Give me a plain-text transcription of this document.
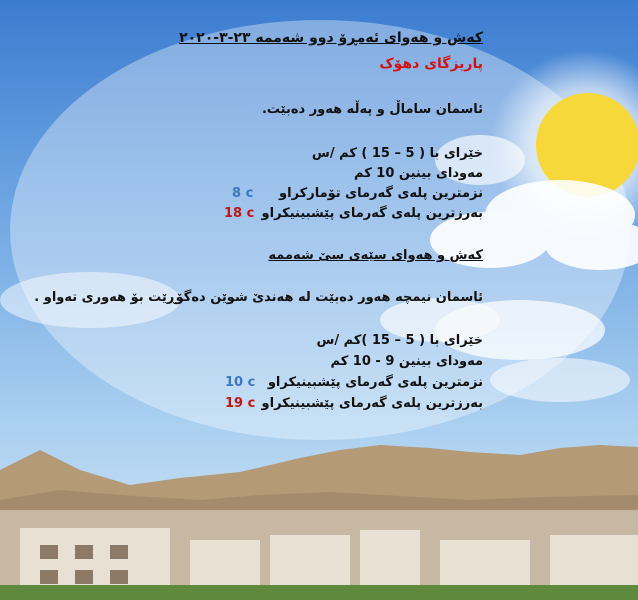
کەش و هەوای ئەمڕۆ دوو شەممە ٢٣-٣-٢٠٢٠
پاریزگای دهۆک
ئاسمان ساماڵ و پەڵە هەور دەبێت.
خێرای با ( 5 – 15 ) کم /س
مەودای بینین 10 کم
نزمترین پلەی گەرمای تۆمارکراو
8 c
بەرزترین پلەی گەرمای پێشبینیکراو
18 c
کەش و هەوای سێەی سێ شەممە
ئاسمان نیمچە هەور دەبێت لە هەندێ شوێن دەگۆڕێت بۆ هەوری تەواو .
خێرای با ( 5 – 15 )کم /س
مەودای بینین 9 - 10 کم
نزمترین پلەی گەرمای پێشبینیکراو
10 c
بەرزترین پلەی گەرمای پێشبینیکراو
19 c
